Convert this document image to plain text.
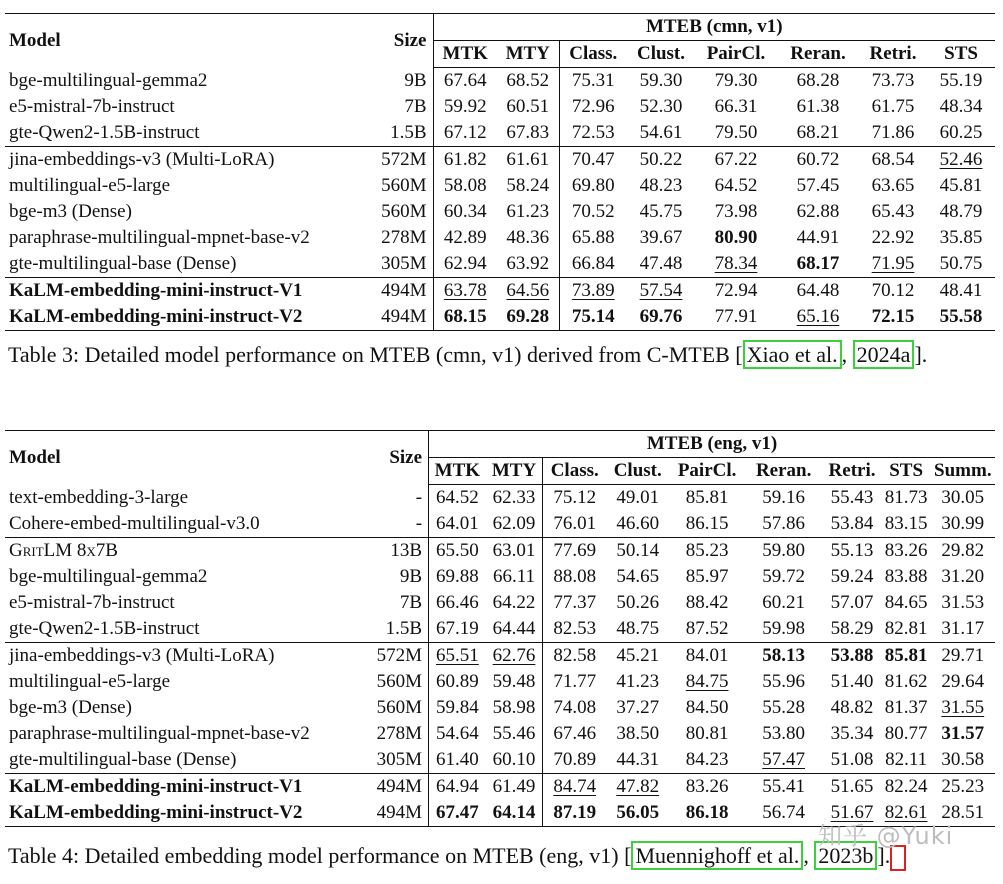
Model	Size	MTEB (cmn, v1)							
		MTK	MTY	Class.	Clust.	PairCl.	Reran.	Retri.	STS
bge-multilingual-gemma2	9B	67.64	68.52	75.31	59.30	79.30	68.28	73.73	55.19
e5-mistral-7b-instruct	7B	59.92	60.51	72.96	52.30	66.31	61.38	61.75	48.34
gte-Qwen2-1.5B-instruct	1.5B	67.12	67.83	72.53	54.61	79.50	68.21	71.86	60.25
jina-embeddings-v3 (Multi-LoRA)	572M	61.82	61.61	70.47	50.22	67.22	60.72	68.54	52.46
multilingual-e5-large	560M	58.08	58.24	69.80	48.23	64.52	57.45	63.65	45.81
bge-m3 (Dense)	560M	60.34	61.23	70.52	45.75	73.98	62.88	65.43	48.79
paraphrase-multilingual-mpnet-base-v2	278M	42.89	48.36	65.88	39.67	80.90	44.91	22.92	35.85
gte-multilingual-base (Dense)	305M	62.94	63.92	66.84	47.48	78.34	68.17	71.95	50.75
KaLM-embedding-mini-instruct-V1	494M	63.78	64.56	73.89	57.54	72.94	64.48	70.12	48.41
KaLM-embedding-mini-instruct-V2	494M	68.15	69.28	75.14	69.76	77.91	65.16	72.15	55.58
Table 3: Detailed model performance on MTEB (cmn, v1) derived from C-MTEB [ Xiao et al. , 2024a ].
Model	Size	MTEB (eng, v1)								
		MTK	MTY	Class.	Clust.	PairCl.	Reran.	Retri.	STS	Summ.
text-embedding-3-large	-	64.52	62.33	75.12	49.01	85.81	59.16	55.43	81.73	30.05
Cohere-embed-multilingual-v3.0	-	64.01	62.09	76.01	46.60	86.15	57.86	53.84	83.15	30.99
GritLM 8x7B	13B	65.50	63.01	77.69	50.14	85.23	59.80	55.13	83.26	29.82
bge-multilingual-gemma2	9B	69.88	66.11	88.08	54.65	85.97	59.72	59.24	83.88	31.20
e5-mistral-7b-instruct	7B	66.46	64.22	77.37	50.26	88.42	60.21	57.07	84.65	31.53
gte-Qwen2-1.5B-instruct	1.5B	67.19	64.44	82.53	48.75	87.52	59.98	58.29	82.81	31.17
jina-embeddings-v3 (Multi-LoRA)	572M	65.51	62.76	82.58	45.21	84.01	58.13	53.88	85.81	29.71
multilingual-e5-large	560M	60.89	59.48	71.77	41.23	84.75	55.96	51.40	81.62	29.64
bge-m3 (Dense)	560M	59.84	58.98	74.08	37.27	84.50	55.28	48.82	81.37	31.55
paraphrase-multilingual-mpnet-base-v2	278M	54.64	55.46	67.46	38.50	80.81	53.80	35.34	80.77	31.57
gte-multilingual-base (Dense)	305M	61.40	60.10	70.89	44.31	84.23	57.47	51.08	82.11	30.58
KaLM-embedding-mini-instruct-V1	494M	64.94	61.49	84.74	47.82	83.26	55.41	51.65	82.24	25.23
KaLM-embedding-mini-instruct-V2	494M	67.47	64.14	87.19	56.05	86.18	56.74	51.67	82.61	28.51
Table 4: Detailed embedding model performance on MTEB (eng, v1) [ Muennighoff et al. , 2023b ].
知乎 @Yuki
